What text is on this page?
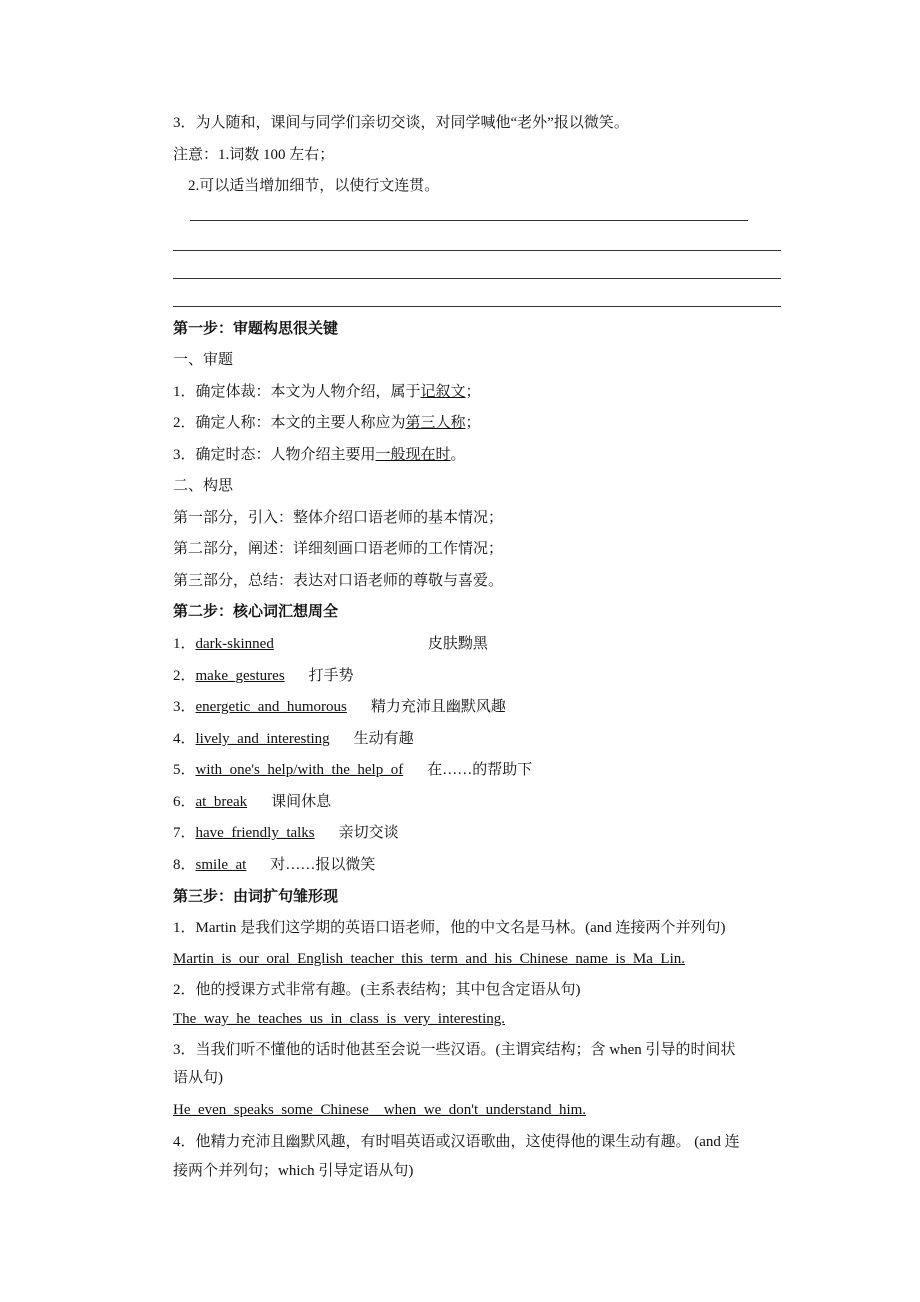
3．为人随和，课间与同学们亲切交谈，对同学喊他“老外”报以微笑。
注意：1.词数 100 左右；
2.可以适当增加细节，以使行文连贯。
第一步：审题构思很关键
一、审题
1．确定体裁：本文为人物介绍，属于记叙文；
2．确定人称：本文的主要人称应为第三人称；
3．确定时态：人物介绍主要用一般现在时。
二、构思
第一部分，引入：整体介绍口语老师的基本情况；
第二部分，阐述：详细刻画口语老师的工作情况；
第三部分，总结：表达对口语老师的尊敬与喜爱。
第二步：核心词汇想周全
1．dark-skinned	皮肤黝黑
2．make_gestures 打手势
3．energetic_and_humorous 精力充沛且幽默风趣
4．lively_and_interesting 生动有趣
5．with_one's_help/with_the_help_of 在……的帮助下
6．at_break 课间休息
7．have_friendly_talks 亲切交谈
8．smile_at 对……报以微笑
第三步：由词扩句雏形现
1．Martin 是我们这学期的英语口语老师，他的中文名是马林。(and 连接两个并列句)
Martin_is_our_oral_English_teacher_this_term_and_his_Chinese_name_is_Ma_Lin.
2．他的授课方式非常有趣。(主系表结构；其中包含定语从句)
The_way_he_teaches_us_in_class_is_very_interesting.
3．当我们听不懂他的话时他甚至会说一些汉语。(主谓宾结构；含 when 引导的时间状
语从句)
He_even_speaks_some_Chinese__when_we_don't_understand_him.
4．他精力充沛且幽默风趣，有时唱英语或汉语歌曲，这使得他的课生动有趣。 (and 连
接两个并列句；which 引导定语从句)
